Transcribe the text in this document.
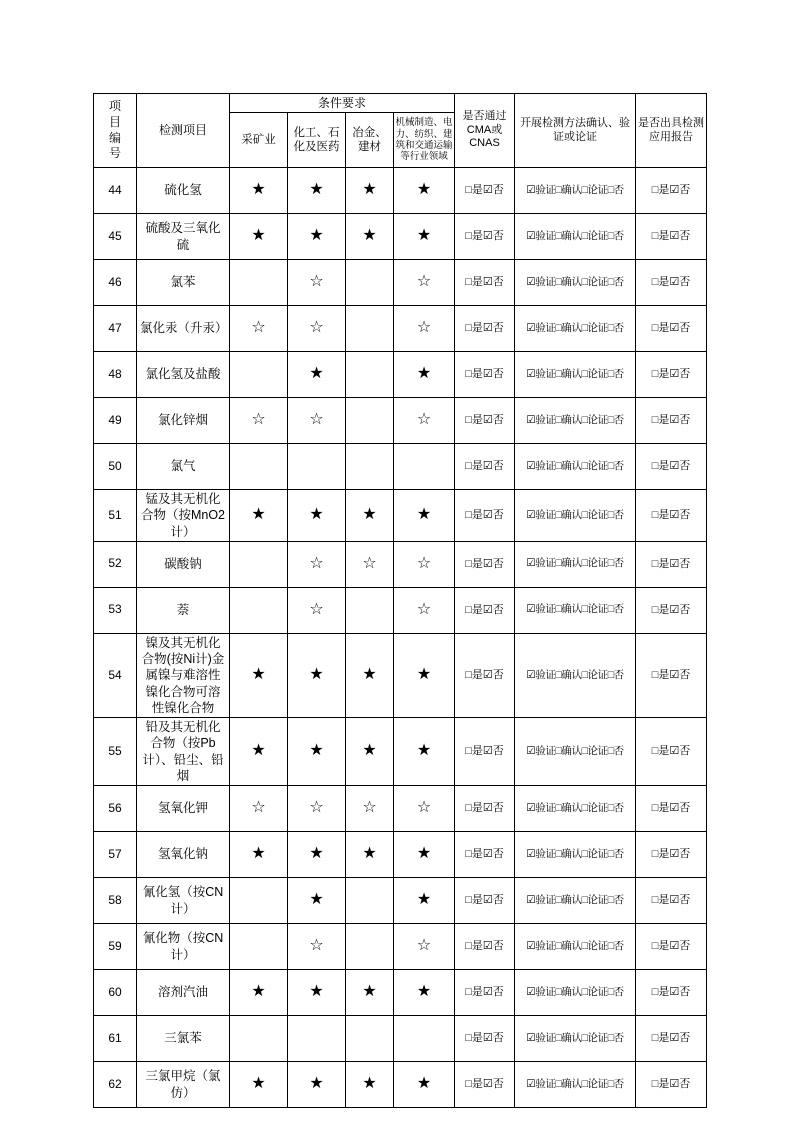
项目编号	检测项目	条件要求				是否通过CMA或CNAS	开展检测方法确认、验证或论证	是否出具检测应用报告
		采矿业	化工、石化及医药	冶金、建材	机械制造、电力、纺织、建筑和交通运输等行业领域			
44	硫化氢	★	★	★	★	□是☑否	☑验证□确认□论证□否	□是☑否
45	硫酸及三氧化硫	★	★	★	★	□是☑否	☑验证□确认□论证□否	□是☑否
46	氯苯		☆		☆	□是☑否	☑验证□确认□论证□否	□是☑否
47	氯化汞（升汞）	☆	☆		☆	□是☑否	☑验证□确认□论证□否	□是☑否
48	氯化氢及盐酸		★		★	□是☑否	☑验证□确认□论证□否	□是☑否
49	氯化锌烟	☆	☆		☆	□是☑否	☑验证□确认□论证□否	□是☑否
50	氯气					□是☑否	☑验证□确认□论证□否	□是☑否
51	锰及其无机化合物（按MnO2计）	★	★	★	★	□是☑否	☑验证□确认□论证□否	□是☑否
52	碳酸钠		☆	☆	☆	□是☑否	☑验证□确认□论证□否	□是☑否
53	萘		☆		☆	□是☑否	☑验证□确认□论证□否	□是☑否
54	镍及其无机化合物(按Ni计)金属镍与难溶性镍化合物可溶性镍化合物	★	★	★	★	□是☑否	☑验证□确认□论证□否	□是☑否
55	铅及其无机化合物（按Pb计）、铅尘、铅烟	★	★	★	★	□是☑否	☑验证□确认□论证□否	□是☑否
56	氢氧化钾	☆	☆	☆	☆	□是☑否	☑验证□确认□论证□否	□是☑否
57	氢氧化钠	★	★	★	★	□是☑否	☑验证□确认□论证□否	□是☑否
58	氰化氢（按CN计）		★		★	□是☑否	☑验证□确认□论证□否	□是☑否
59	氰化物（按CN计）		☆		☆	□是☑否	☑验证□确认□论证□否	□是☑否
60	溶剂汽油	★	★	★	★	□是☑否	☑验证□确认□论证□否	□是☑否
61	三氯苯					□是☑否	☑验证□确认□论证□否	□是☑否
62	三氯甲烷（氯仿）	★	★	★	★	□是☑否	☑验证□确认□论证□否	□是☑否
